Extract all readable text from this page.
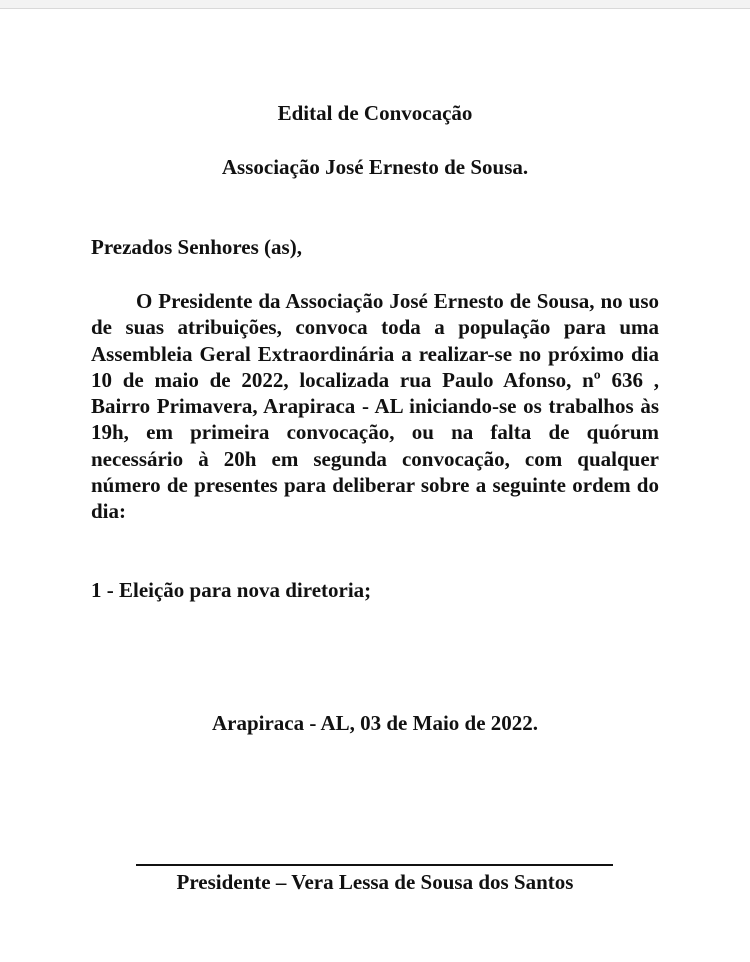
Edital de Convocação
Associação José Ernesto de Sousa.
Prezados Senhores (as),
O Presidente da Associação José Ernesto de Sousa, no uso de suas atribuições, convoca toda a população para uma Assembleia Geral Extraordinária a realizar-se no próximo dia 10 de maio de 2022, localizada rua Paulo Afonso, nº 636 , Bairro Primavera, Arapiraca - AL iniciando-se os trabalhos às 19h, em primeira convocação, ou na falta de quórum necessário à 20h em segunda convocação, com qualquer número de presentes para deliberar sobre a seguinte ordem do dia:
1 - Eleição para nova diretoria;
Arapiraca - AL, 03 de Maio de 2022.
Presidente – Vera Lessa de Sousa dos Santos
